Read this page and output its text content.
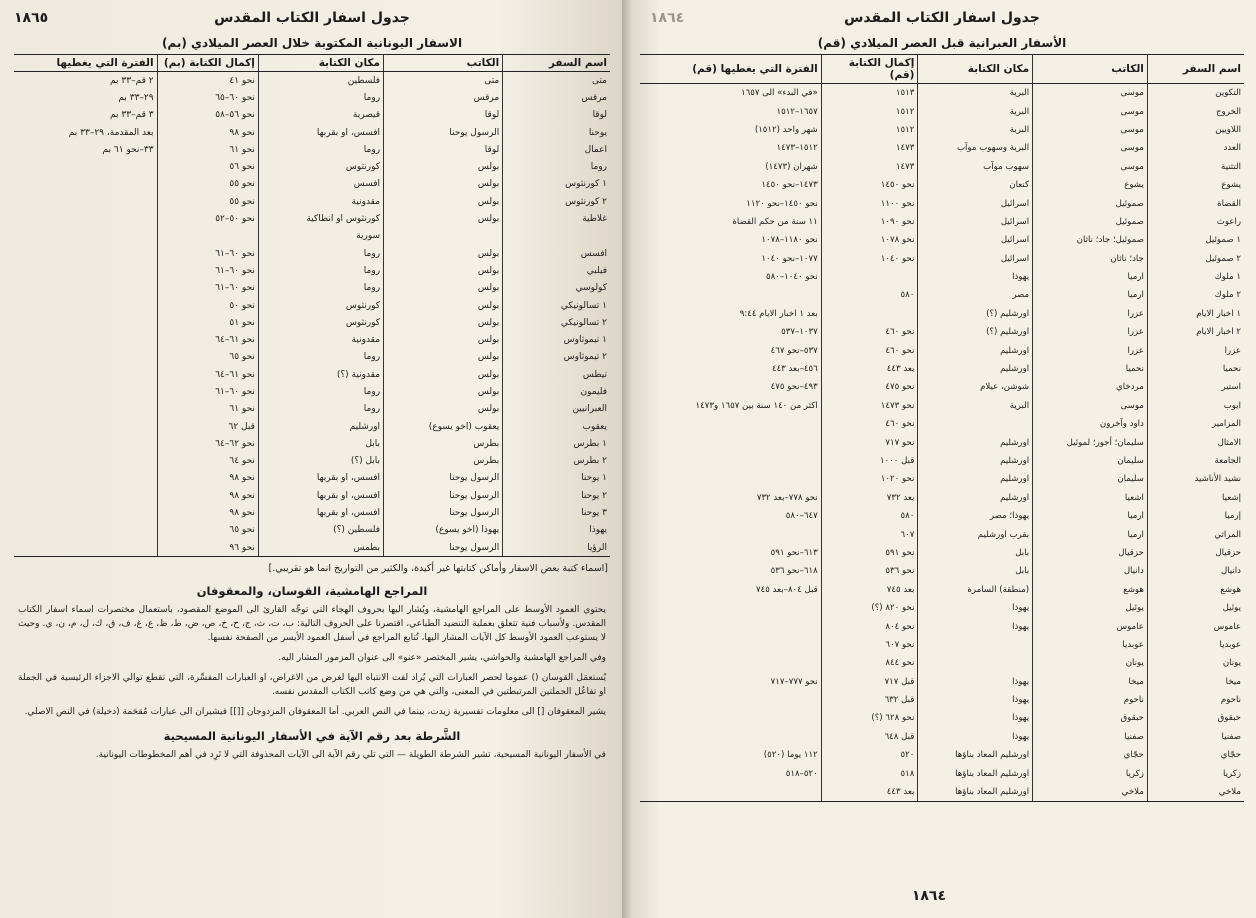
١٨٦٥	جدول اسفار الكتاب المقدس
الاسفار اليونانية المكتوبة خلال العصر الميلادي (بم)
اسم السفر	الكاتب	مكان الكتابة	إكمال الكتابة (بم)	الفترة التي يغطيها
متى	متى	فلسطين	نحو ٤١	٢ قم–٣٣ بم
مرقس	مرقس	روما	نحو ٦٠–٦٥	٢٩–٣٣ بم
لوقا	لوقا	قيصرية	نحو ٥٦–٥٨	٣ قم–٣٣ بم
يوحنا	الرسول يوحنا	افسس، او بقربها	نحو ٩٨	بعد المقدمة، ٢٩–٣٣ بم
اعمال	لوقا	روما	نحو ٦١	٣٣–نحو ٦١ بم
روما	بولس	كورنثوس	نحو ٥٦	
١ كورنثوس	بولس	افسس	نحو ٥٥	
٢ كورنثوس	بولس	مقدونية	نحو ٥٥	
غلاطية	بولس	كورنثوس او انطاكية	نحو ٥٠–٥٢	
		سورية		
افسس	بولس	روما	نحو ٦٠–٦١	
فيلبي	بولس	روما	نحو ٦٠–٦١	
كولوسي	بولس	روما	نحو ٦٠–٦١	
١ تسالونيكي	بولس	كورنثوس	نحو ٥٠	
٢ تسالونيكي	بولس	كورنثوس	نحو ٥١	
١ تيموثاوس	بولس	مقدونية	نحو ٦١–٦٤	
٢ تيموثاوس	بولس	روما	نحو ٦٥	
تيطس	بولس	مقدونية (؟)	نحو ٦١–٦٤	
فليمون	بولس	روما	نحو ٦٠–٦١	
العبرانيين	بولس	روما	نحو ٦١	
يعقوب	يعقوب (اخو يسوع)	اورشليم	قبل ٦٢	
١ بطرس	بطرس	بابل	نحو ٦٢–٦٤	
٢ بطرس	بطرس	بابل (؟)	نحو ٦٤	
١ يوحنا	الرسول يوحنا	افسس، او بقربها	نحو ٩٨	
٢ يوحنا	الرسول يوحنا	افسس، او بقربها	نحو ٩٨	
٣ يوحنا	الرسول يوحنا	افسس، او بقربها	نحو ٩٨	
يهوذا	يهوذا (اخو يسوع)	فلسطين (؟)	نحو ٦٥	
الرؤيا	الرسول يوحنا	بطمس	نحو ٩٦	
[اسماء كتبة بعض الاسفار وأماكن كتابتها غير أكيدة، والكثير من التواريخ انما هو تقريبي.]
المراجع الهامشية، القوسان، والمعقوفان
يحتوي العمود الأوسط على المراجع الهامشية، ويُشار اليها بحروف الهجاء التي توجِّه القارئ الى الموضع المقصود، باستعمال مختصرات اسماء اسفار الكتاب المقدس. ولأسباب فنية تتعلق بعملية التنضيد الطباعي، اقتصرنا على الحروف التالية: ب، ت، ث، ج، ح، خ، ص، ض، ط، ظ، ع، غ، ف، ق، ك، ل، م، ن، ي. وحيث لا يستوعب العمود الأوسط كل الآيات المشار اليها، تُتابع المراجع في أسفل العمود الأيسر من الصفحة نفسها.
وفي المراجع الهامشية والحواشي، يشير المختصر «عنو» الى عنوان المزمور المشار اليه.
يُستعمَل القوسان () عموما لحصر العبارات التي يُراد لفت الانتباه اليها لغرض من الاغراض، او العبارات المفسِّرة، التي تقطع توالي الاجزاء الرئيسية في الجملة او تفاعُل الجملتين المرتبطتين في المعنى، والتي هي من وضع كاتب الكتاب المقدس نفسه.
يشير المعقوفان [] الى معلومات تفسيرية زيدت، بينما في النص العربي. أما المعقوفان المزدوجان [[]] فيشيران الى عبارات مُقحَمة (دخيلة) في النص الاصلي.
الشَّرطة بعد رقم الآية في الأسفار اليونانية المسيحية
في الأسفار اليونانية المسيحية، تشير الشرطة الطويلة — التي تلي رقم الآية الى الآيات المحذوفة التي لا تَرِد في أهم المخطوطات اليونانية.
١٨٦٤	جدول اسفار الكتاب المقدس
الأسفار العبرانية قبل العصر الميلادي (قم)
اسم السفر	الكاتب	مكان الكتابة	إكمال الكتابة (قم)	الفترة التي يغطيها (قم)
التكوين	موسى	البرية	١٥١٣	«في البدء» الى ١٦٥٧
الخروج	موسى	البرية	١٥١٢	١٦٥٧–١٥١٢
اللاويين	موسى	البرية	١٥١٢	شهر واحد (١٥١٢)
العدد	موسى	البرية وسهوب موآب	١٤٧٣	١٥١٢–١٤٧٣
التثنية	موسى	سهوب موآب	١٤٧٣	شهران (١٤٧٣)
يشوع	يشوع	كنعان	نحو ١٤٥٠	١٤٧٣–نحو ١٤٥٠
القضاة	صموئيل	اسرائيل	نحو ١١٠٠	نحو ١٤٥٠–نحو ١١٢٠
راعوث	صموئيل	اسرائيل	نحو ١٠٩٠	١١ سنة من حكم القضاة
١ صموئيل	صموئيل؛ جاد؛ ناثان	اسرائيل	نحو ١٠٧٨	نحو ١١٨٠–١٠٧٨
٢ صموئيل	جاد؛ ناثان	اسرائيل	نحو ١٠٤٠	١٠٧٧–نحو ١٠٤٠
١ ملوك	ارميا	يهوذا		نحو ١٠٤٠–٥٨٠
٢ ملوك	ارميا	مصر	٥٨٠	
١ اخبار الايام	عزرا	اورشليم (؟)		بعد ١ اخبار الايام ٩:٤٤
٢ اخبار الايام	عزرا	اورشليم (؟)	نحو ٤٦٠	١٠٣٧–٥٣٧
عزرا	عزرا	اورشليم	نحو ٤٦٠	٥٣٧–نحو ٤٦٧
نحميا	نحميا	اورشليم	بعد ٤٤٣	٤٥٦–بعد ٤٤٣
استير	مردخاي	شوشن، عيلام	نحو ٤٧٥	٤٩٣–نحو ٤٧٥
ايوب	موسى	البرية	نحو ١٤٧٣	اكثر من ١٤٠ سنة بين ١٦٥٧ و١٤٧٣
المزامير	داود وآخرون		نحو ٤٦٠	
الامثال	سليمان؛ أجور؛ لموئيل	اورشليم	نحو ٧١٧	
الجامعة	سليمان	اورشليم	قبل ١٠٠٠	
نشيد الأناشيد	سليمان	اورشليم	نحو ١٠٢٠	
إشعيا	اشعيا	اورشليم	بعد ٧٣٢	نحو ٧٧٨–بعد ٧٣٢
إرميا	ارميا	يهوذا؛ مصر	٥٨٠	٦٤٧–٥٨٠
المراثي	ارميا	بقرب اورشليم	٦٠٧	
حزقيال	حزقيال	بابل	نحو ٥٩١	٦١٣–نحو ٥٩١
دانيال	دانيال	بابل	نحو ٥٣٦	٦١٨–نحو ٥٣٦
هوشع	هوشع	(منطقة) السامرة	بعد ٧٤٥	قبل ٨٠٤–بعد ٧٤٥
يوئيل	يوئيل	يهوذا	نحو ٨٢٠ (؟)	
عاموس	عاموس	يهوذا	نحو ٨٠٤	
عوبديا	عوبديا		نحو ٦٠٧	
يونان	يونان		نحو ٨٤٤	
ميخا	ميخا	يهوذا	قبل ٧١٧	نحو ٧٧٧–٧١٧
ناحوم	ناحوم	يهوذا	قبل ٦٣٢	
حبقوق	حبقوق	يهوذا	نحو ٦٢٨ (؟)	
صفنيا	صفنيا	يهوذا	قبل ٦٤٨	
حجّاي	حجّاي	اورشليم المعاد بناؤها	٥٢٠	١١٢ يوما (٥٢٠)
زكريا	زكريا	اورشليم المعاد بناؤها	٥١٨	٥٢٠–٥١٨
ملاخي	ملاخي	اورشليم المعاد بناؤها	بعد ٤٤٣	
١٨٦٤
